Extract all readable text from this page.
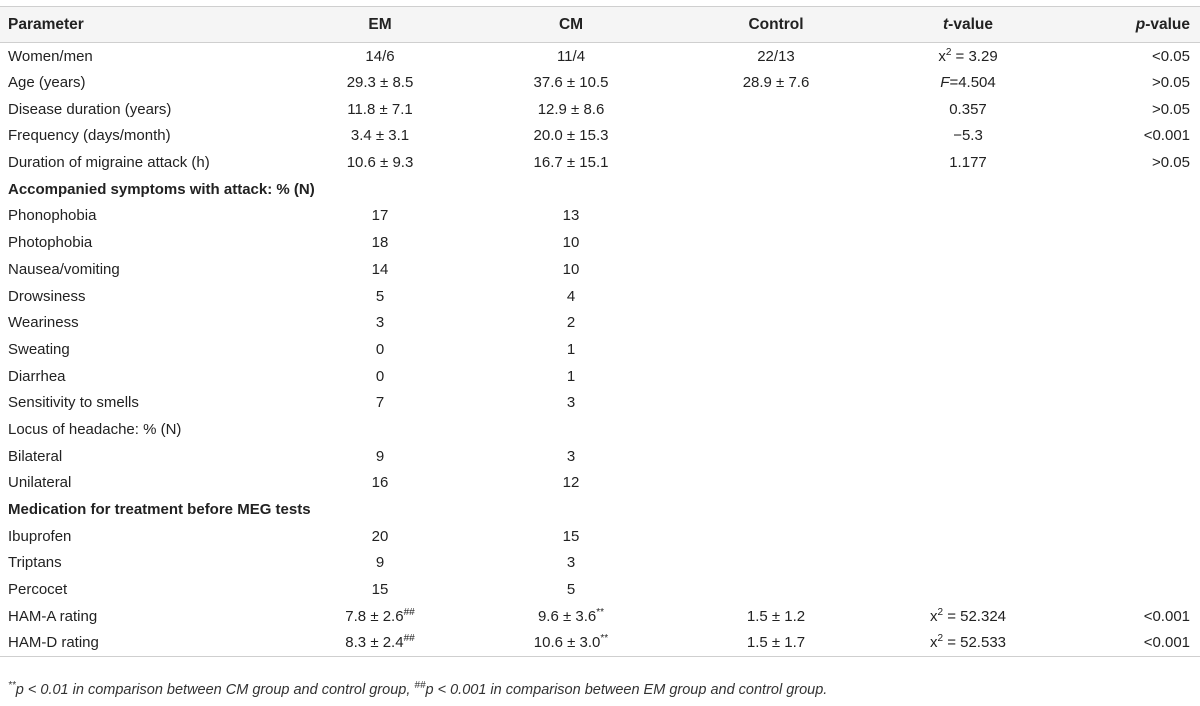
Parameter	EM	CM	Control	t-value	p-value
Women/men	14/6	11/4	22/13	$x^2 = 3.29$	<0.05
Age (years)	29.3 ± 8.5	37.6 ± 10.5	28.9 ± 7.6	F=4.504	>0.05
Disease duration (years)	11.8 ± 7.1	12.9 ± 8.6		0.357	>0.05
Frequency (days/month)	3.4 ± 3.1	20.0 ± 15.3		−5.3	<0.001
Duration of migraine attack (h)	10.6 ± 9.3	16.7 ± 15.1		1.177	>0.05
Accompanied symptoms with attack: % (N)					
Phonophobia	17	13			
Photophobia	18	10			
Nausea/vomiting	14	10			
Drowsiness	5	4			
Weariness	3	2			
Sweating	0	1			
Diarrhea	0	1			
Sensitivity to smells	7	3			
Locus of headache: % (N)					
Bilateral	9	3			
Unilateral	16	12			
Medication for treatment before MEG tests					
Ibuprofen	20	15			
Triptans	9	3			
Percocet	15	5			
HAM-A rating	7.8 ± 2.6##	9.6 ± 3.6**	1.5 ± 1.2	$x^2 = 52.324$	<0.001
HAM-D rating	8.3 ± 2.4##	10.6 ± 3.0**	1.5 ± 1.7	$x^2 = 52.533$	<0.001
**p < 0.01 in comparison between CM group and control group, ##p < 0.001 in comparison between EM group and control group.
